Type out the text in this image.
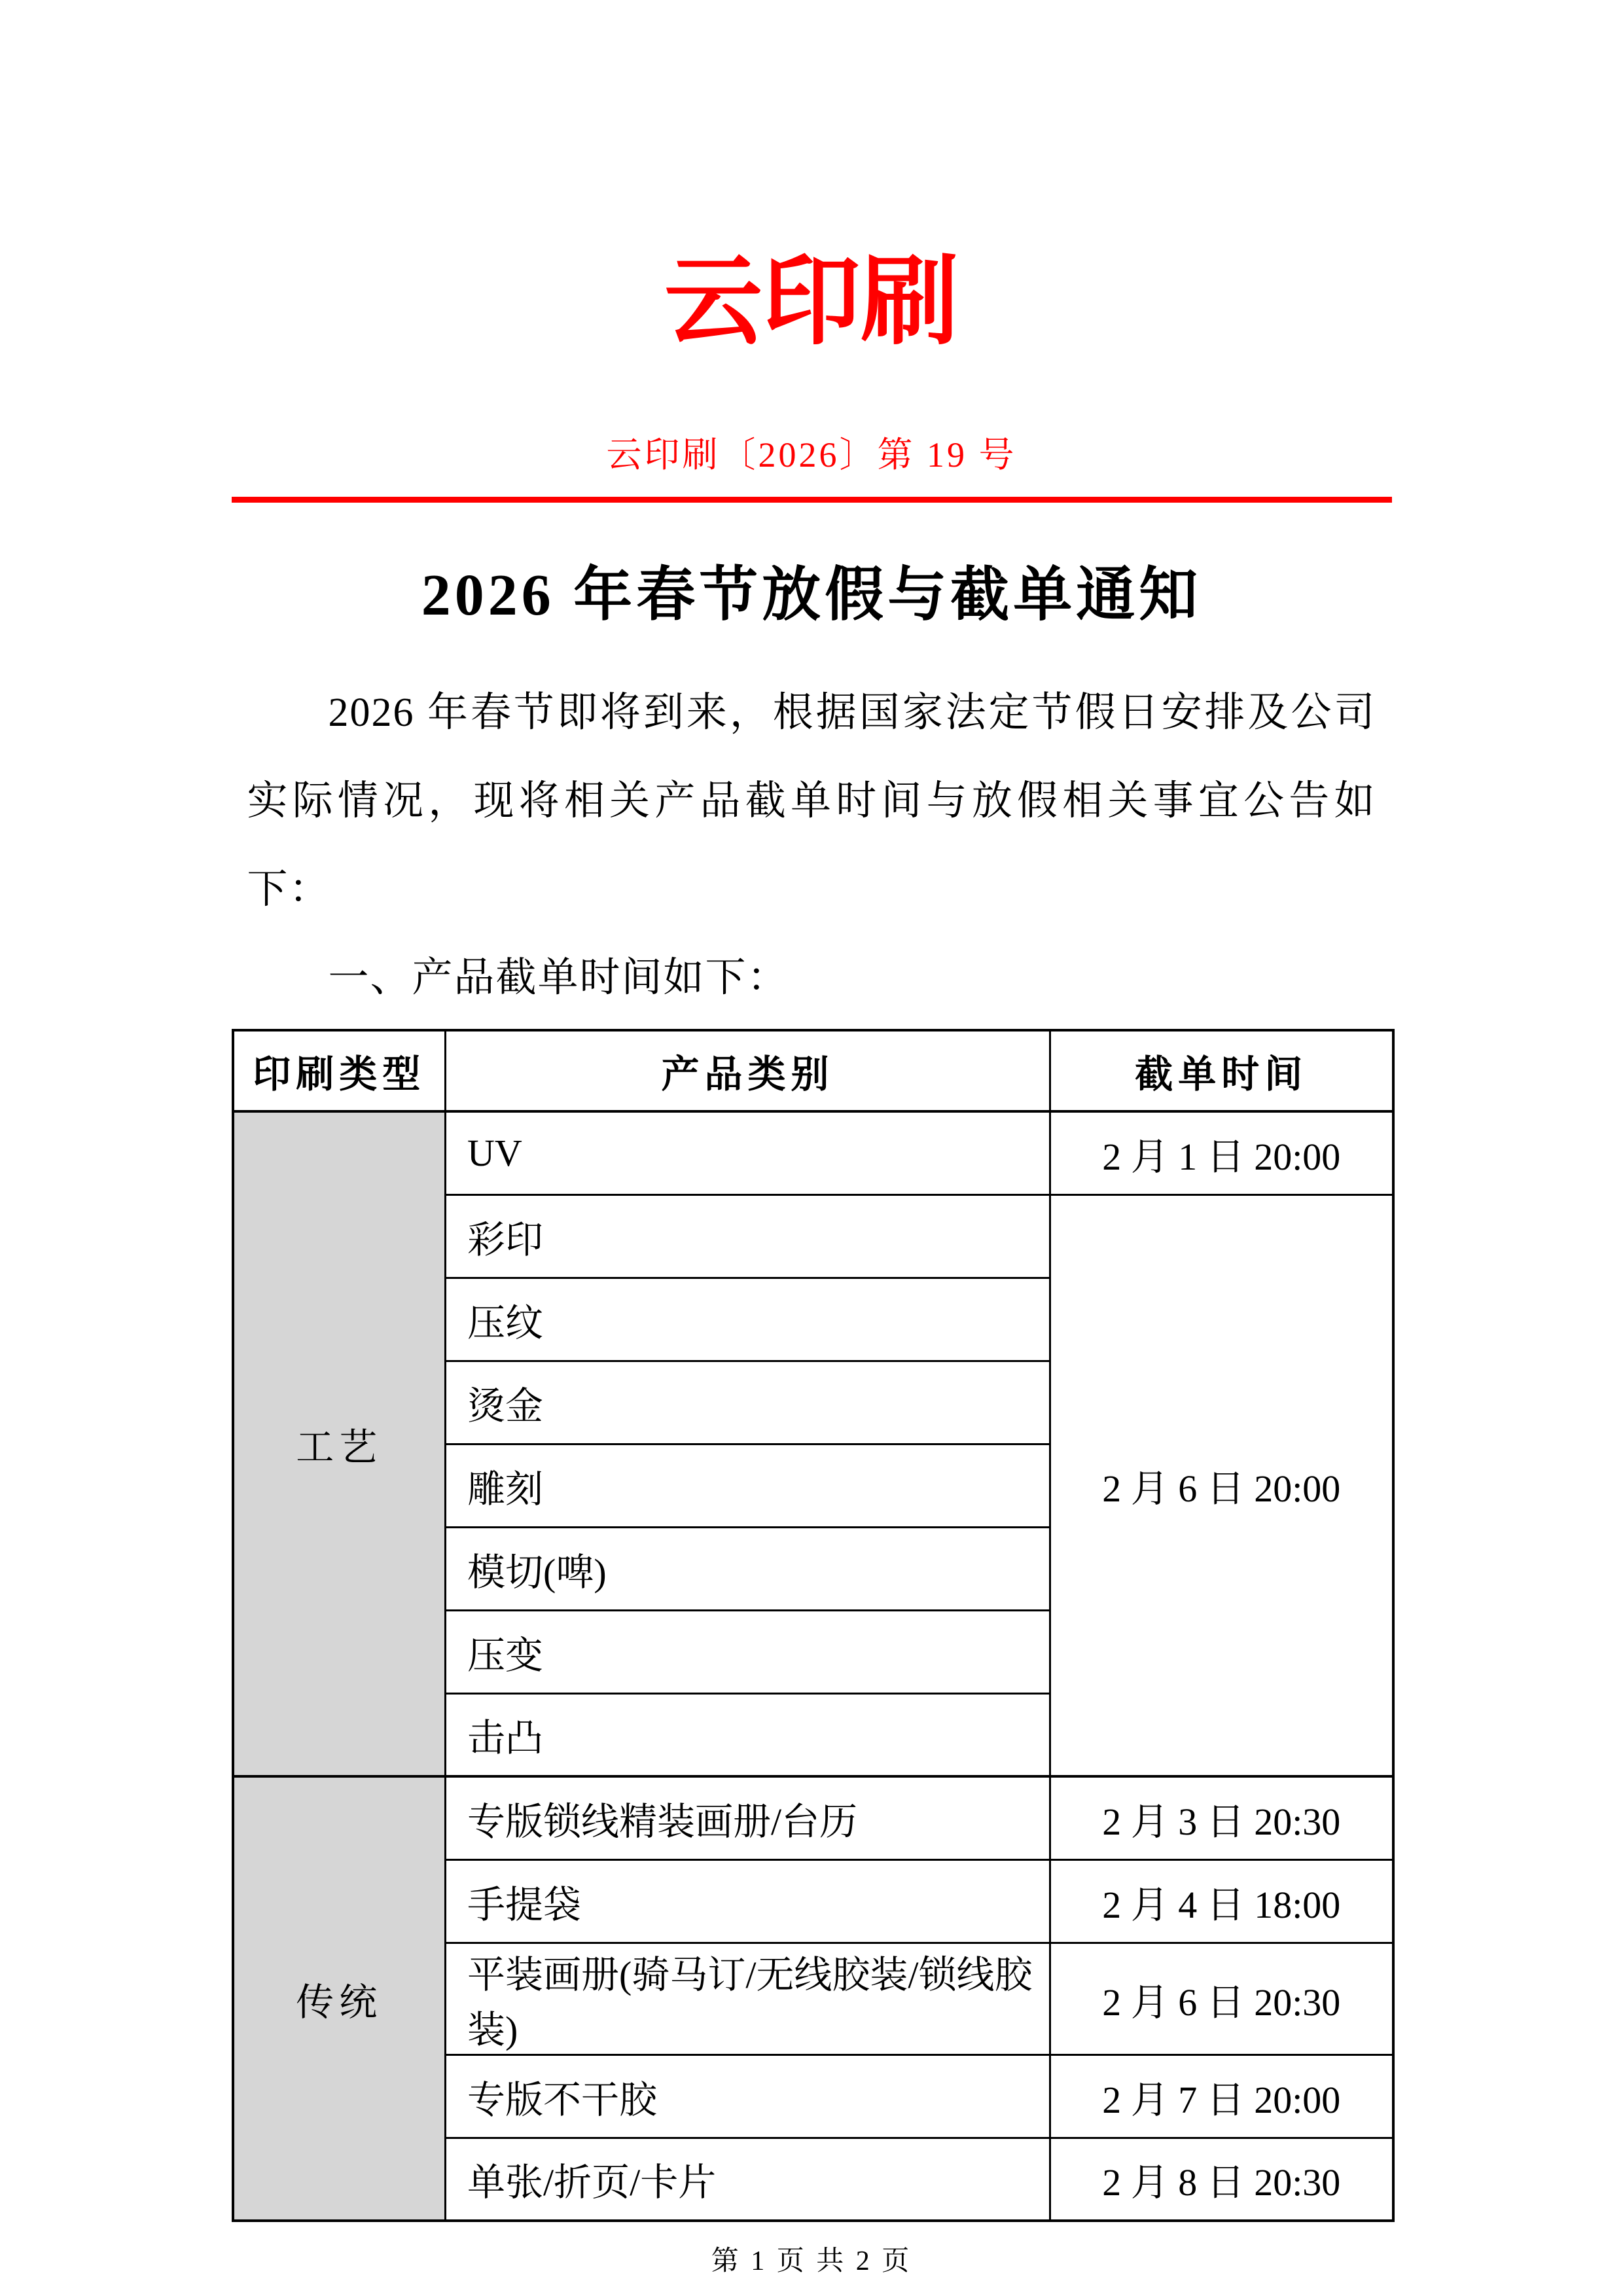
云印刷
云印刷〔2026〕第 19 号
2026 年春节放假与截单通知

2026 年春节即将到来，根据国家法定节假日安排及公司实际情况，现将相关产品截单时间与放假相关事宜公告如下：

一、产品截单时间如下：

印刷类型	产品类别	截单时间
工艺	UV	2 月 1 日 20:00
	彩印	2 月 6 日 20:00
	压纹	
	烫金	
	雕刻	
	模切(啤)	
	压变	
	击凸	
传统	专版锁线精装画册/台历	2 月 3 日 20:30
	手提袋	2 月 4 日 18:00
	平装画册(骑马订/无线胶装/锁线胶装)	2 月 6 日 20:30
	专版不干胶	2 月 7 日 20:00
	单张/折页/卡片	2 月 8 日 20:30
第 1 页 共 2 页
